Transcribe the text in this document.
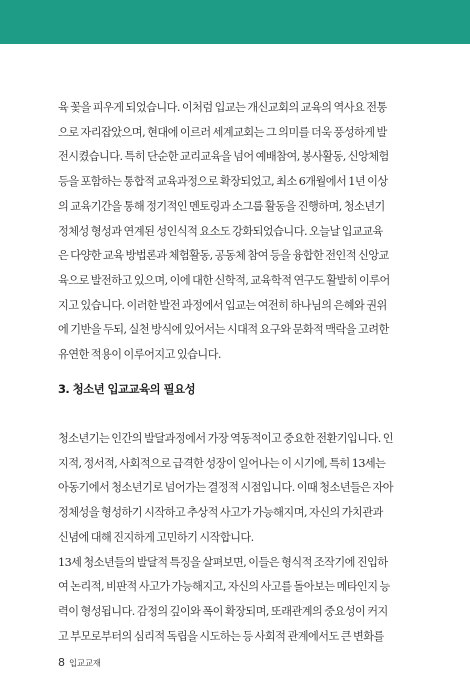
육 꽃을 피우게 되었습니다. 이처럼 입교는 개신교회의 교육의 역사요 전통
으로 자리잡았으며, 현대에 이르러 세계교회는 그 의미를 더욱 풍성하게 발
전시켰습니다. 특히 단순한 교리교육을 넘어 예배참여, 봉사활동, 신앙체험
등을 포함하는 통합적 교육과정으로 확장되었고, 최소 6개월에서 1년 이상
의 교육기간을 통해 정기적인 멘토링과 소그룹 활동을 진행하며, 청소년기
정체성 형성과 연계된 성인식적 요소도 강화되었습니다. 오늘날 입교교육
은 다양한 교육 방법론과 체험활동, 공동체 참여 등을 융합한 전인적 신앙교
육으로 발전하고 있으며, 이에 대한 신학적, 교육학적 연구도 활발히 이루어
지고 있습니다. 이러한 발전 과정에서 입교는 여전히 하나님의 은혜와 권위
에 기반을 두되, 실천 방식에 있어서는 시대적 요구와 문화적 맥락을 고려한
유연한 적용이 이루어지고 있습니다.

3. 청소년 입교교육의 필요성

청소년기는 인간의 발달과정에서 가장 역동적이고 중요한 전환기입니다. 인
지적, 정서적, 사회적으로 급격한 성장이 일어나는 이 시기에, 특히 13세는
아동기에서 청소년기로 넘어가는 결정적 시점입니다. 이때 청소년들은 자아
정체성을 형성하기 시작하고 추상적 사고가 가능해지며, 자신의 가치관과
신념에 대해 진지하게 고민하기 시작합니다.
13세 청소년들의 발달적 특징을 살펴보면, 이들은 형식적 조작기에 진입하
여 논리적, 비판적 사고가 가능해지고, 자신의 사고를 돌아보는 메타인지 능
력이 형성됩니다. 감정의 깊이와 폭이 확장되며, 또래관계의 중요성이 커지
고 부모로부터의 심리적 독립을 시도하는 등 사회적 관계에서도 큰 변화를

8 입교교재
